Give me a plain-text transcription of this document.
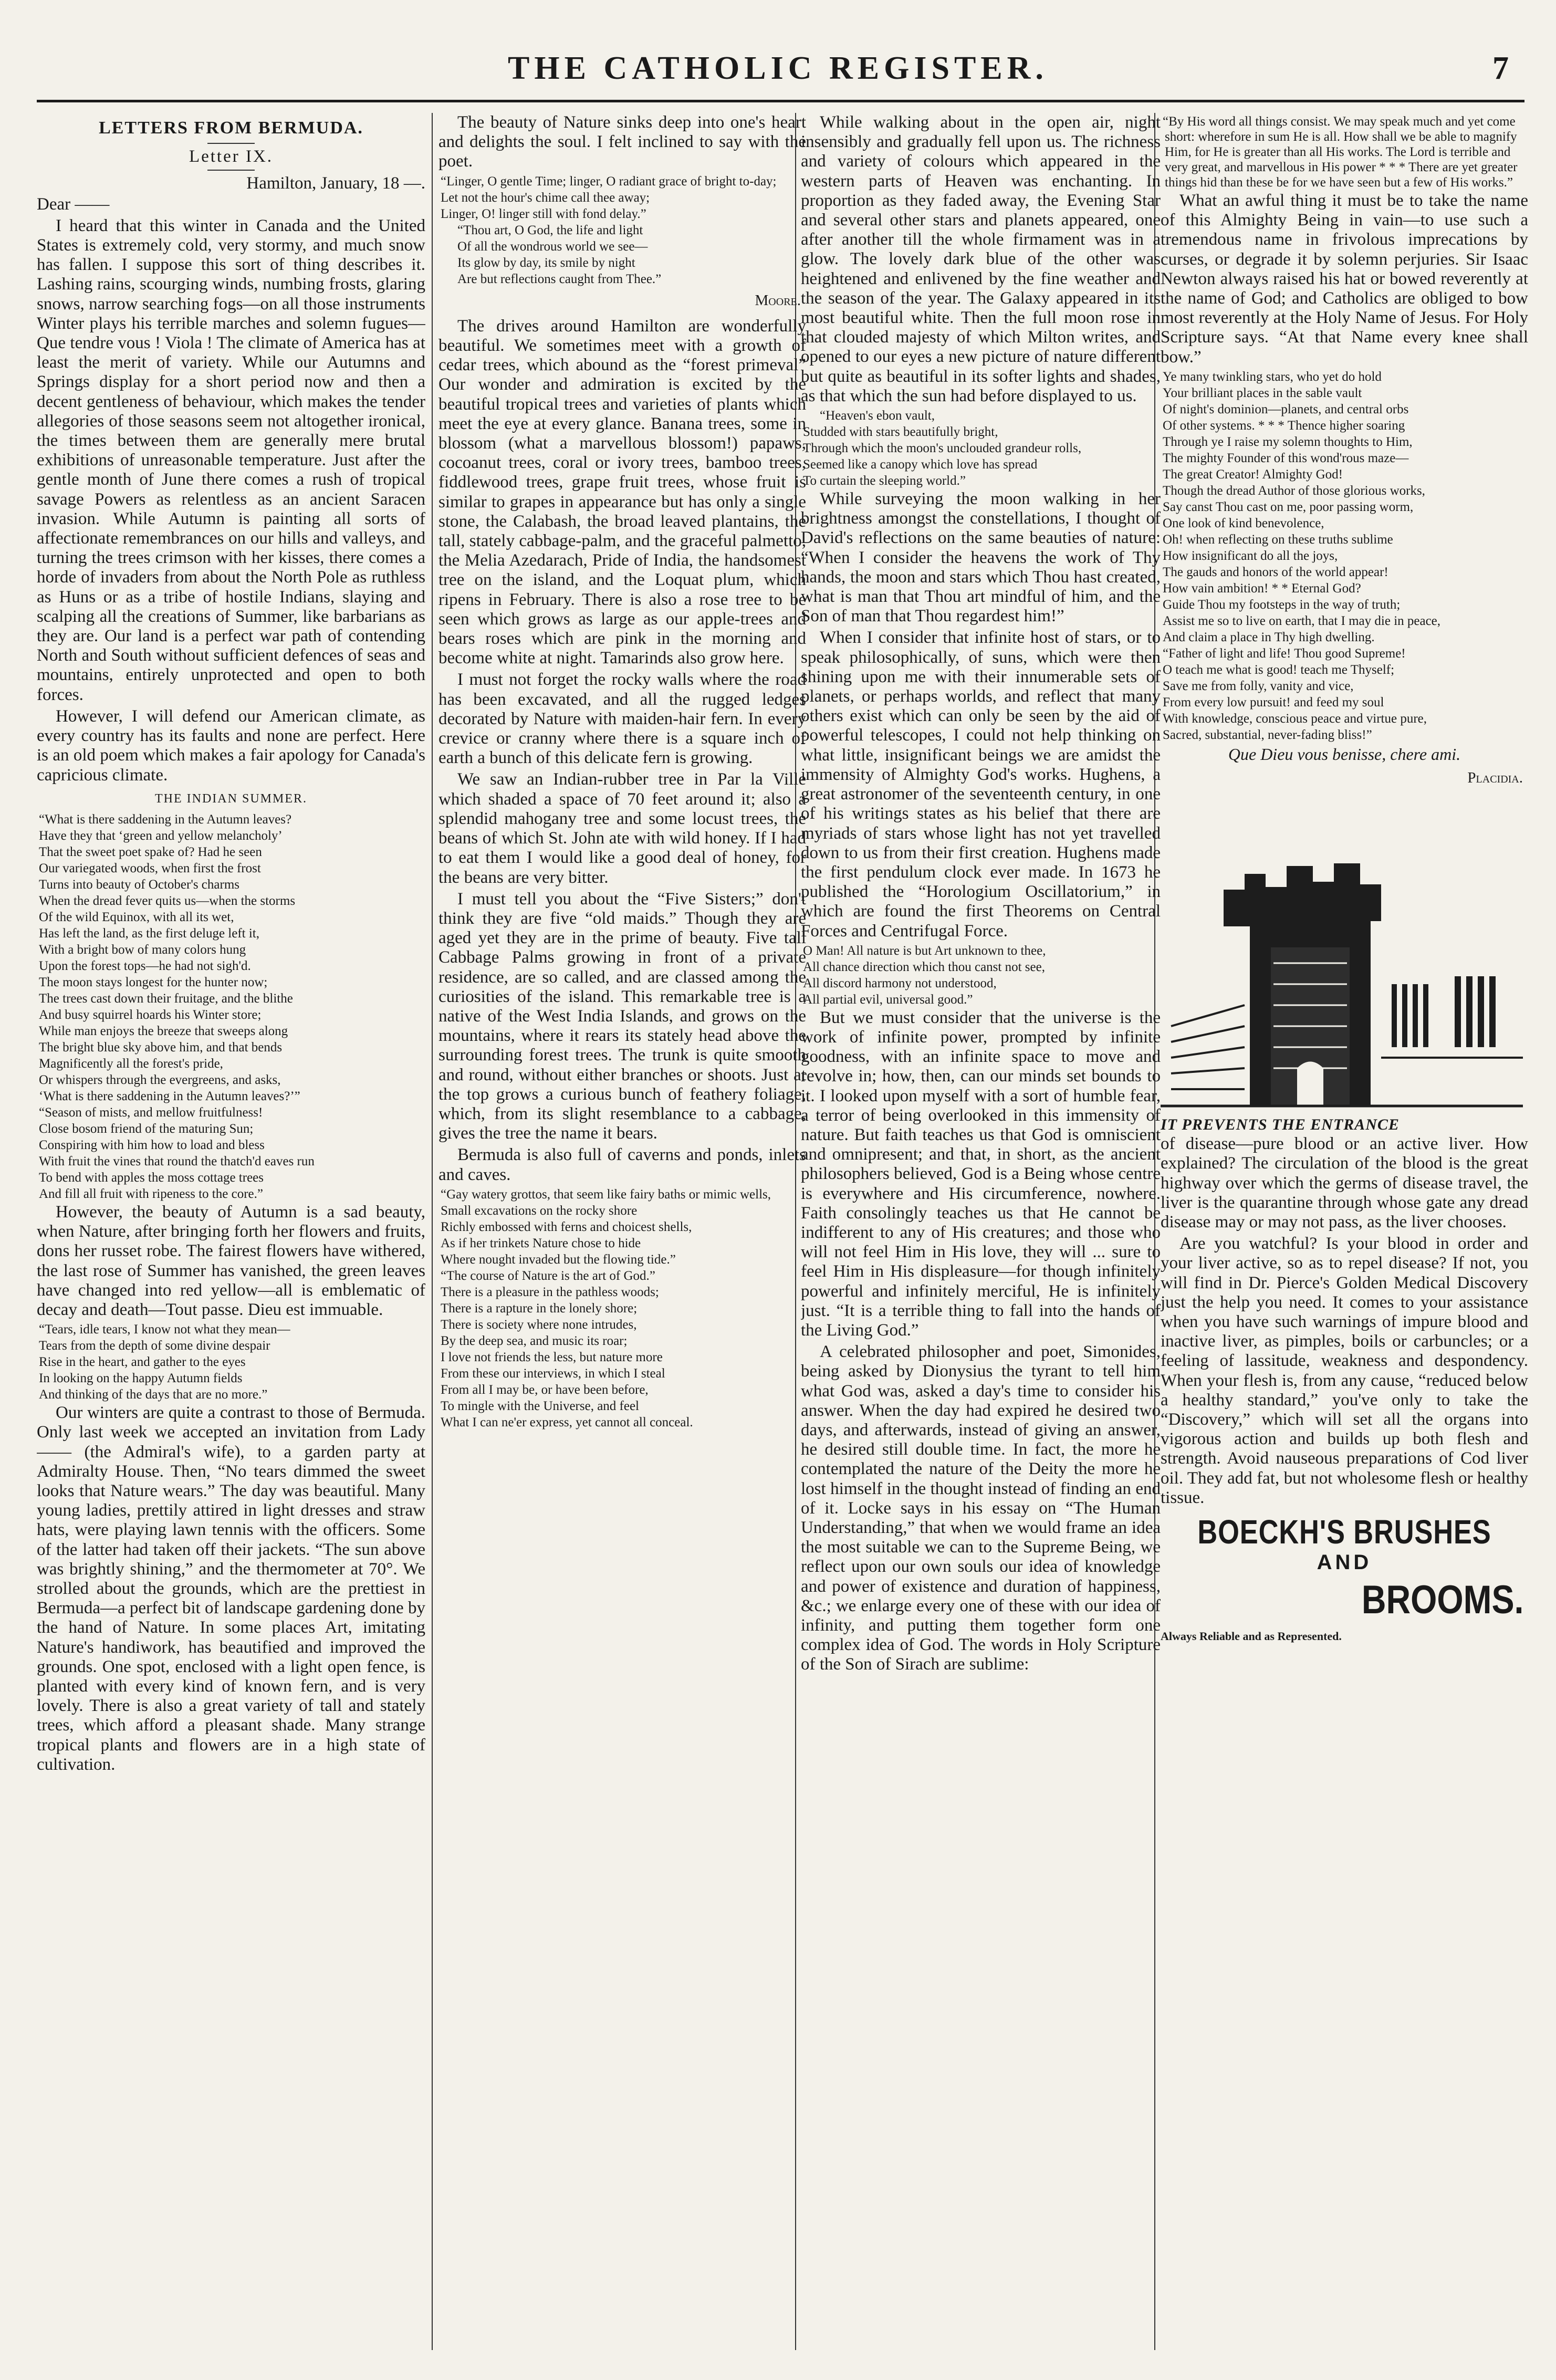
THE CATHOLIC REGISTER.	7
LETTERS FROM BERMUDA.
Letter IX.
Hamilton, January, 18 —.

Dear ——

I heard that this winter in Canada and the United States is extremely cold, very stormy, and much snow has fallen. I suppose this sort of thing describes it. Lashing rains, scourging winds, numbing frosts, glaring snows, narrow searching fogs—on all those instruments Winter plays his terrible marches and solemn fugues—Que tendre vous ! Viola ! The climate of America has at least the merit of variety. While our Autumns and Springs display for a short period now and then a decent gentleness of behaviour, which makes the tender allegories of those seasons seem not altogether ironical, the times between them are generally mere brutal exhibitions of unreasonable temperature. Just after the gentle month of June there comes a rush of tropical savage Powers as relentless as an ancient Saracen invasion. While Autumn is painting all sorts of affectionate remembrances on our hills and valleys, and turning the trees crimson with her kisses, there comes a horde of invaders from about the North Pole as ruthless as Huns or as a tribe of hostile Indians, slaying and scalping all the creations of Summer, like barbarians as they are. Our land is a perfect war path of contending North and South without sufficient defences of seas and mountains, entirely unprotected and open to both forces.

However, I will defend our American climate, as every country has its faults and none are perfect. Here is an old poem which makes a fair apology for Canada's capricious climate.

THE INDIAN SUMMER.
“What is there saddening in the Autumn leaves?
Have they that ‘green and yellow melancholy’
That the sweet poet spake of? Had he seen
Our variegated woods, when first the frost
Turns into beauty of October's charms
When the dread fever quits us—when the storms
Of the wild Equinox, with all its wet,
Has left the land, as the first deluge left it,
With a bright bow of many colors hung
Upon the forest tops—he had not sigh'd.
The moon stays longest for the hunter now;
The trees cast down their fruitage, and the blithe
And busy squirrel hoards his Winter store;
While man enjoys the breeze that sweeps along
The bright blue sky above him, and that bends
Magnificently all the forest's pride,
Or whispers through the evergreens, and asks,
‘What is there saddening in the Autumn leaves?’”
“Season of mists, and mellow fruitfulness!
Close bosom friend of the maturing Sun;
Conspiring with him how to load and bless
With fruit the vines that round the thatch'd eaves run
To bend with apples the moss cottage trees
And fill all fruit with ripeness to the core.”

However, the beauty of Autumn is a sad beauty, when Nature, after bringing forth her flowers and fruits, dons her russet robe. The fairest flowers have withered, the last rose of Summer has vanished, the green leaves have changed into red yellow—all is emblematic of decay and death—Tout passe. Dieu est immuable.

“Tears, idle tears, I know not what they mean—
Tears from the depth of some divine despair
Rise in the heart, and gather to the eyes
In looking on the happy Autumn fields
And thinking of the days that are no more.”

Our winters are quite a contrast to those of Bermuda. Only last week we accepted an invitation from Lady —— (the Admiral's wife), to a garden party at Admiralty House. Then, “No tears dimmed the sweet looks that Nature wears.” The day was beautiful. Many young ladies, prettily attired in light dresses and straw hats, were playing lawn tennis with the officers. Some of the latter had taken off their jackets. “The sun above was brightly shining,” and the thermometer at 70°. We strolled about the grounds, which are the prettiest in Bermuda—a perfect bit of landscape gardening done by the hand of Nature. In some places Art, imitating Nature's handiwork, has beautified and improved the grounds. One spot, enclosed with a light open fence, is planted with every kind of known fern, and is very lovely. There is also a great variety of tall and stately trees, which afford a pleasant shade. Many strange tropical plants and flowers are in a high state of cultivation.

The beauty of Nature sinks deep into one's heart and delights the soul. I felt inclined to say with the poet.

“Linger, O gentle Time; linger, O radiant grace of bright to-day;
Let not the hour's chime call thee away;
Linger, O! linger still with fond delay.”
“Thou art, O God, the life and light
Of all the wondrous world we see—
Its glow by day, its smile by night
Are but reflections caught from Thee.”
Moore.

The drives around Hamilton are wonderfully beautiful. We sometimes meet with a growth of cedar trees, which abound as the “forest primeval” Our wonder and admiration is excited by the beautiful tropical trees and varieties of plants which meet the eye at every glance. Banana trees, some in blossom (what a marvellous blossom!) papaws, cocoanut trees, coral or ivory trees, bamboo trees, fiddlewood trees, grape fruit trees, whose fruit is similar to grapes in appearance but has only a single stone, the Calabash, the broad leaved plantains, the tall, stately cabbage-palm, and the graceful palmetto, the Melia Azedarach, Pride of India, the handsomest tree on the island, and the Loquat plum, which ripens in February. There is also a rose tree to be seen which grows as large as our apple-trees and bears roses which are pink in the morning and become white at night. Tamarinds also grow here.

I must not forget the rocky walls where the road has been excavated, and all the rugged ledges decorated by Nature with maiden-hair fern. In every crevice or cranny where there is a square inch of earth a bunch of this delicate fern is growing.

We saw an Indian-rubber tree in Par la Ville which shaded a space of 70 feet around it; also a splendid mahogany tree and some locust trees, the beans of which St. John ate with wild honey. If I had to eat them I would like a good deal of honey, for the beans are very bitter.

I must tell you about the “Five Sisters;” don't think they are five “old maids.” Though they are aged yet they are in the prime of beauty. Five tall Cabbage Palms growing in front of a private residence, are so called, and are classed among the curiosities of the island. This remarkable tree is a native of the West India Islands, and grows on the mountains, where it rears its stately head above the surrounding forest trees. The trunk is quite smooth and round, without either branches or shoots. Just at the top grows a curious bunch of feathery foliage, which, from its slight resemblance to a cabbage, gives the tree the name it bears.

Bermuda is also full of caverns and ponds, inlets and caves.

“Gay watery grottos, that seem like fairy baths or mimic wells,
Small excavations on the rocky shore
Richly embossed with ferns and choicest shells,
As if her trinkets Nature chose to hide
Where nought invaded but the flowing tide.”
“The course of Nature is the art of God.”
There is a pleasure in the pathless woods;
There is a rapture in the lonely shore;
There is society where none intrudes,
By the deep sea, and music its roar;
I love not friends the less, but nature more
From these our interviews, in which I steal
From all I may be, or have been before,
To mingle with the Universe, and feel
What I can ne'er express, yet cannot all conceal.

While walking about in the open air, night insensibly and gradually fell upon us. The richness and variety of colours which appeared in the western parts of Heaven was enchanting. In proportion as they faded away, the Evening Star and several other stars and planets appeared, one after another till the whole firmament was in a glow. The lovely dark blue of the other was heightened and enlivened by the fine weather and the season of the year. The Galaxy appeared in its most beautiful white. Then the full moon rose in that clouded majesty of which Milton writes, and opened to our eyes a new picture of nature different but quite as beautiful in its softer lights and shades, as that which the sun had before displayed to us.

“Heaven's ebon vault,
Studded with stars beautifully bright,
Through which the moon's unclouded grandeur rolls,
Seemed like a canopy which love has spread
To curtain the sleeping world.”

While surveying the moon walking in her brightness amongst the constellations, I thought of David's reflections on the same beauties of nature: “When I consider the heavens the work of Thy hands, the moon and stars which Thou hast created, what is man that Thou art mindful of him, and the Son of man that Thou regardest him!”

When I consider that infinite host of stars, or to speak philosophically, of suns, which were then shining upon me with their innumerable sets of planets, or perhaps worlds, and reflect that many others exist which can only be seen by the aid of powerful telescopes, I could not help thinking on what little, insignificant beings we are amidst the immensity of Almighty God's works. Hughens, a great astronomer of the seventeenth century, in one of his writings states as his belief that there are myriads of stars whose light has not yet travelled down to us from their first creation. Hughens made the first pendulum clock ever made. In 1673 he published the “Horologium Oscillatorium,” in which are found the first Theorems on Central Forces and Centrifugal Force.

O Man! All nature is but Art unknown to thee,
All chance direction which thou canst not see,
All discord harmony not understood,
All partial evil, universal good.”

But we must consider that the universe is the work of infinite power, prompted by infinite goodness, with an infinite space to move and revolve in; how, then, can our minds set bounds to it. I looked upon myself with a sort of humble fear, a terror of being overlooked in this immensity of nature. But faith teaches us that God is omniscient and omnipresent; and that, in short, as the ancient philosophers believed, God is a Being whose centre is everywhere and His circumference, nowhere. Faith consolingly teaches us that He cannot be indifferent to any of His creatures; and those who will not feel Him in His love, they will ... sure to feel Him in His displeasure—for though infinitely powerful and infinitely merciful, He is infinitely just. “It is a terrible thing to fall into the hands of the Living God.”

A celebrated philosopher and poet, Simonides, being asked by Dionysius the tyrant to tell him what God was, asked a day's time to consider his answer. When the day had expired he desired two days, and afterwards, instead of giving an answer, he desired still double time. In fact, the more he contemplated the nature of the Deity the more he lost himself in the thought instead of finding an end of it. Locke says in his essay on “The Human Understanding,” that when we would frame an idea the most suitable we can to the Supreme Being, we reflect upon our own souls our idea of knowledge and power of existence and duration of happiness, &c.; we enlarge every one of these with our idea of infinity, and putting them together form one complex idea of God. The words in Holy Scripture of the Son of Sirach are sublime:

“By His word all things consist. We may speak much and yet come short: wherefore in sum He is all. How shall we be able to magnify Him, for He is greater than all His works. The Lord is terrible and very great, and marvellous in His power * * * There are yet greater things hid than these be for we have seen but a few of His works.”

What an awful thing it must be to take the name of this Almighty Being in vain—to use such a tremendous name in frivolous imprecations by curses, or degrade it by solemn perjuries. Sir Isaac Newton always raised his hat or bowed reverently at the name of God; and Catholics are obliged to bow most reverently at the Holy Name of Jesus. For Holy Scripture says. “At that Name every knee shall bow.”

Ye many twinkling stars, who yet do hold
Your brilliant places in the sable vault
Of night's dominion—planets, and central orbs
Of other systems. * * * Thence higher soaring
Through ye I raise my solemn thoughts to Him,
The mighty Founder of this wond'rous maze—
The great Creator! Almighty God!
Though the dread Author of those glorious works,
Say canst Thou cast on me, poor passing worm,
One look of kind benevolence,
Oh! when reflecting on these truths sublime
How insignificant do all the joys,
The gauds and honors of the world appear!
How vain ambition! * * Eternal God?
Guide Thou my footsteps in the way of truth;
Assist me so to live on earth, that I may die in peace,
And claim a place in Thy high dwelling.
“Father of light and life! Thou good Supreme!
O teach me what is good! teach me Thyself;
Save me from folly, vanity and vice,
From every low pursuit! and feed my soul
With knowledge, conscious peace and virtue pure,
Sacred, substantial, never-fading bliss!”
Que Dieu vous benisse, chere ami.
Placidia.
IT PREVENTS THE ENTRANCE

of disease—pure blood or an active liver. How explained? The circulation of the blood is the great highway over which the germs of disease travel, the liver is the quarantine through whose gate any dread disease may or may not pass, as the liver chooses.

Are you watchful? Is your blood in order and your liver active, so as to repel disease? If not, you will find in Dr. Pierce's Golden Medical Discovery just the help you need. It comes to your assistance when you have such warnings of impure blood and inactive liver, as pimples, boils or carbuncles; or a feeling of lassitude, weakness and despondency. When your flesh is, from any cause, “reduced below a healthy standard,” you've only to take the “Discovery,” which will set all the organs into vigorous action and builds up both flesh and strength. Avoid nauseous preparations of Cod liver oil. They add fat, but not wholesome flesh or healthy tissue.

BOECKH'S BRUSHES
AND
BROOMS.
Always Reliable and as Represented.
